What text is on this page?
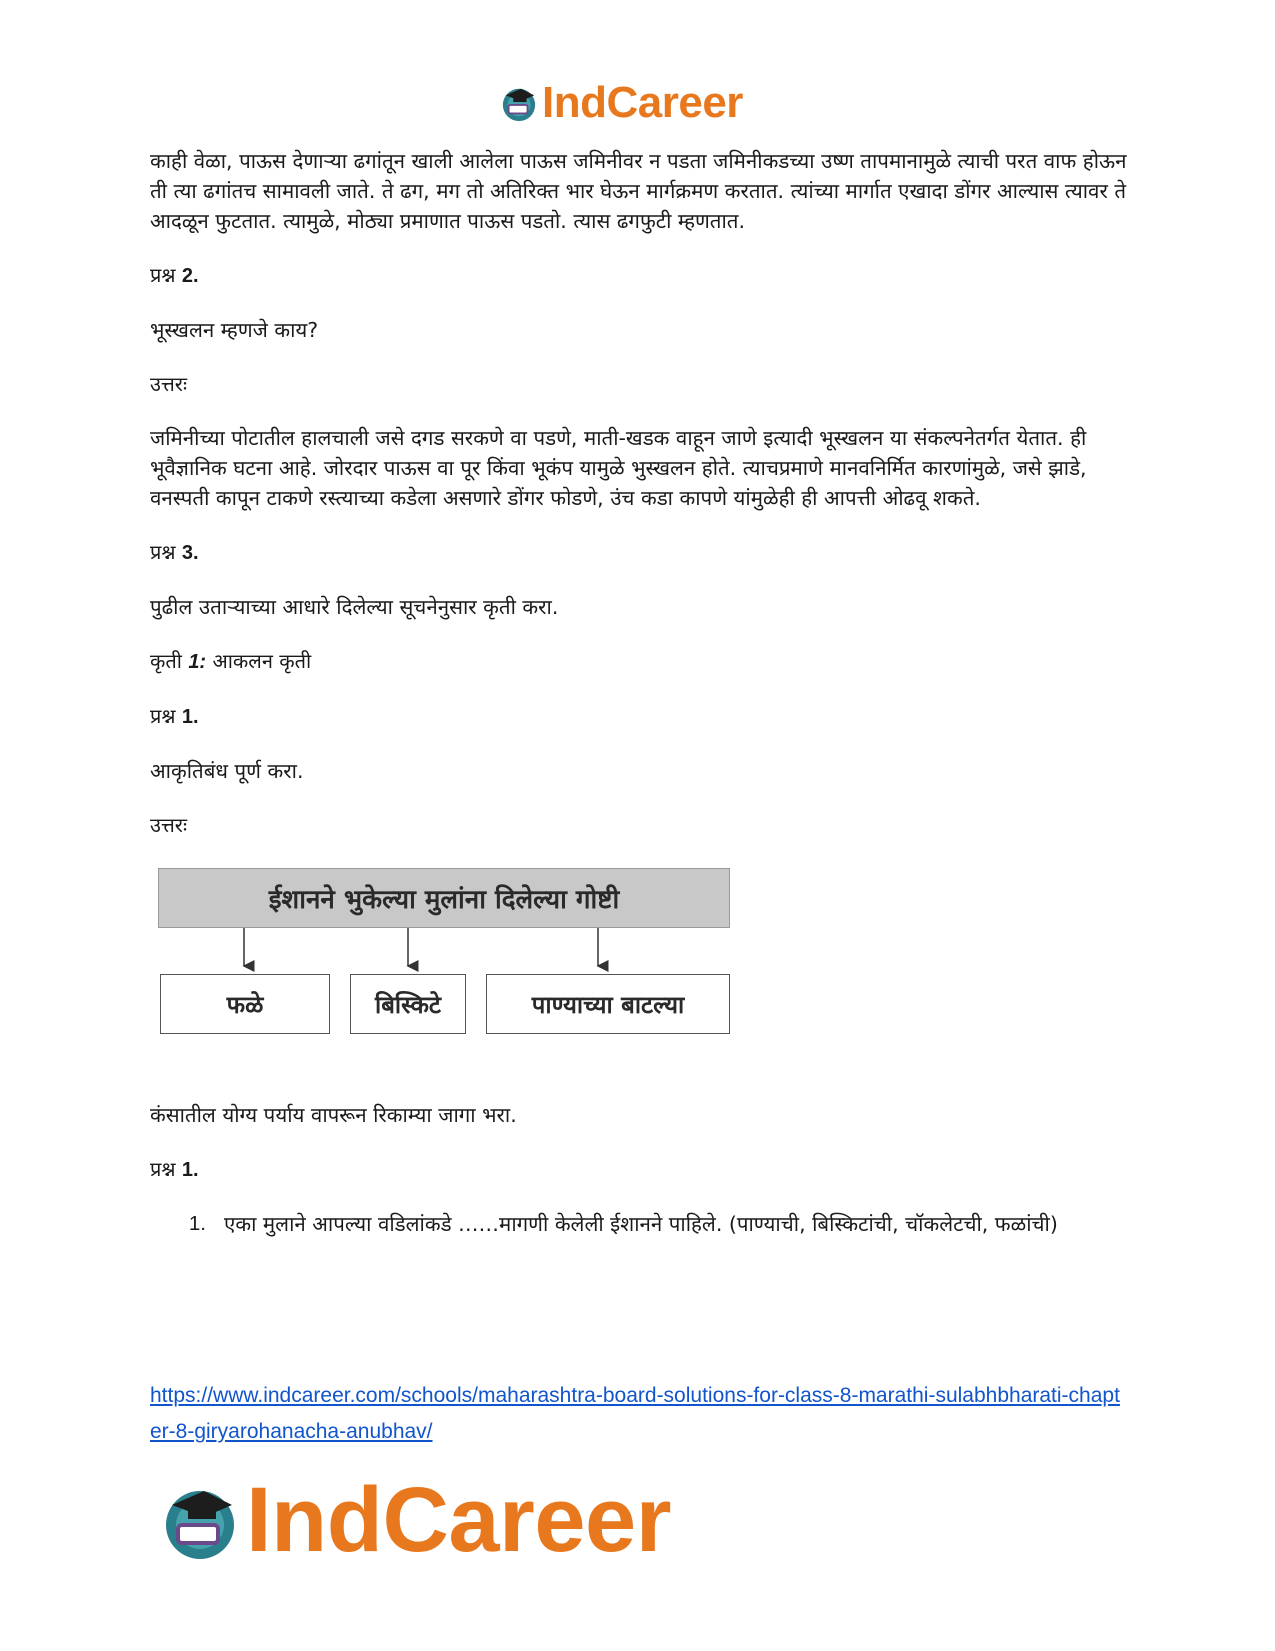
IndCareer

काही वेळा, पाऊस देणाऱ्या ढगांतून खाली आलेला पाऊस जमिनीवर न पडता जमिनीकडच्या उष्ण तापमानामुळे त्याची परत वाफ होऊन ती त्या ढगांतच सामावली जाते. ते ढग, मग तो अतिरिक्त भार घेऊन मार्गक्रमण करतात. त्यांच्या मार्गात एखादा डोंगर आल्यास त्यावर ते आदळून फुटतात. त्यामुळे, मोठ्या प्रमाणात पाऊस पडतो. त्यास ढगफुटी म्हणतात.

प्रश्न 2.

भूस्खलन म्हणजे काय?

उत्तरः

जमिनीच्या पोटातील हालचाली जसे दगड सरकणे वा पडणे, माती-खडक वाहून जाणे इत्यादी भूस्खलन या संकल्पनेतर्गत येतात. ही भूवैज्ञानिक घटना आहे. जोरदार पाऊस वा पूर किंवा भूकंप यामुळे भुस्खलन होते. त्याचप्रमाणे मानवनिर्मित कारणांमुळे, जसे झाडे, वनस्पती कापून टाकणे रस्त्याच्या कडेला असणारे डोंगर फोडणे, उंच कडा कापणे यांमुळेही ही आपत्ती ओढवू शकते.

प्रश्न 3.

पुढील उताऱ्याच्या आधारे दिलेल्या सूचनेनुसार कृती करा.

कृती 1: आकलन कृती

प्रश्न 1.

आकृतिबंध पूर्ण करा.

उत्तरः

ईशानने भुकेल्या मुलांना दिलेल्या गोष्टी
फळे	बिस्किटे	पाण्याच्या बाटल्या

कंसातील योग्य पर्याय वापरून रिकाम्या जागा भरा.

प्रश्न 1.

1. एका मुलाने आपल्या वडिलांकडे ……मागणी केलेली ईशानने पाहिले. (पाण्याची, बिस्किटांची, चॉकलेटची, फळांची)
https://www.indcareer.com/schools/maharashtra-board-solutions-for-class-8-marathi-sulabhbharati-chapter-8-giryarohanacha-anubhav/
IndCareer
